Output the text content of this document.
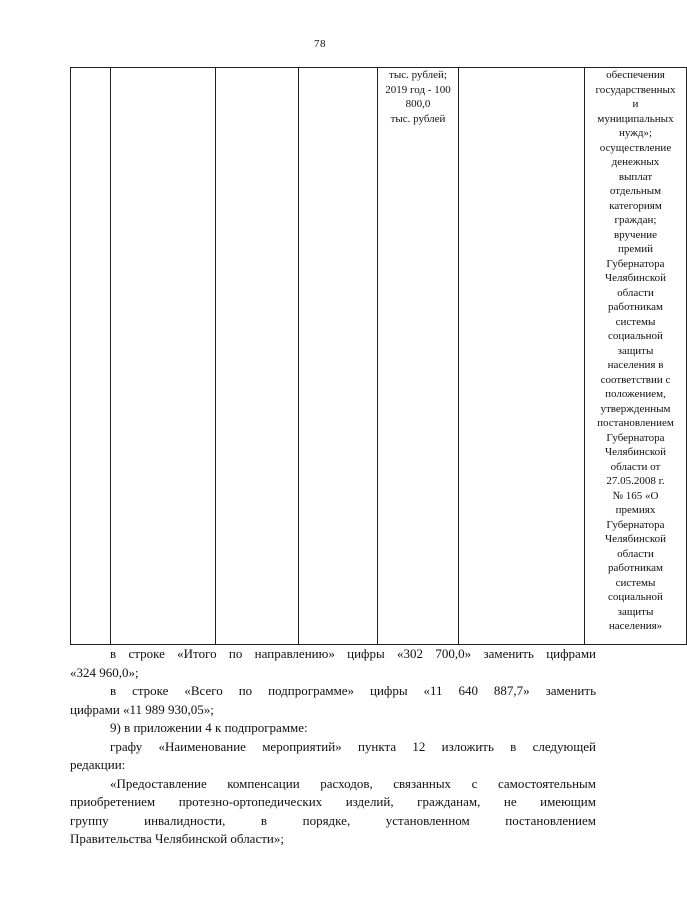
78

тыс. рублей;
2019 год - 100 800,0
тыс. рублей

обеспечения
государственных
и
муниципальных
нужд»;
осуществление
денежных
выплат
отдельным
категориям
граждан;
вручение
премий
Губернатора
Челябинской
области
работникам
системы
социальной
защиты
населения в
соответствии с
положением,
утвержденным
постановлением
Губернатора
Челябинской
области от
27.05.2008 г.
№ 165 «О
премиях
Губернатора
Челябинской
области
работникам
системы
социальной
защиты
населения»

в строке «Итого по направлению» цифры «302 700,0» заменить цифрами

«324 960,0»;

в строке «Всего по подпрограмме» цифры «11 640 887,7» заменить

цифрами «11 989 930,05»;

9) в приложении 4 к подпрограмме:

графу «Наименование мероприятий» пункта 12 изложить в следующей

редакции:

«Предоставление компенсации расходов, связанных с самостоятельным

приобретением протезно-ортопедических изделий, гражданам, не имеющим

группу инвалидности, в порядке, установленном постановлением

Правительства Челябинской области»;
